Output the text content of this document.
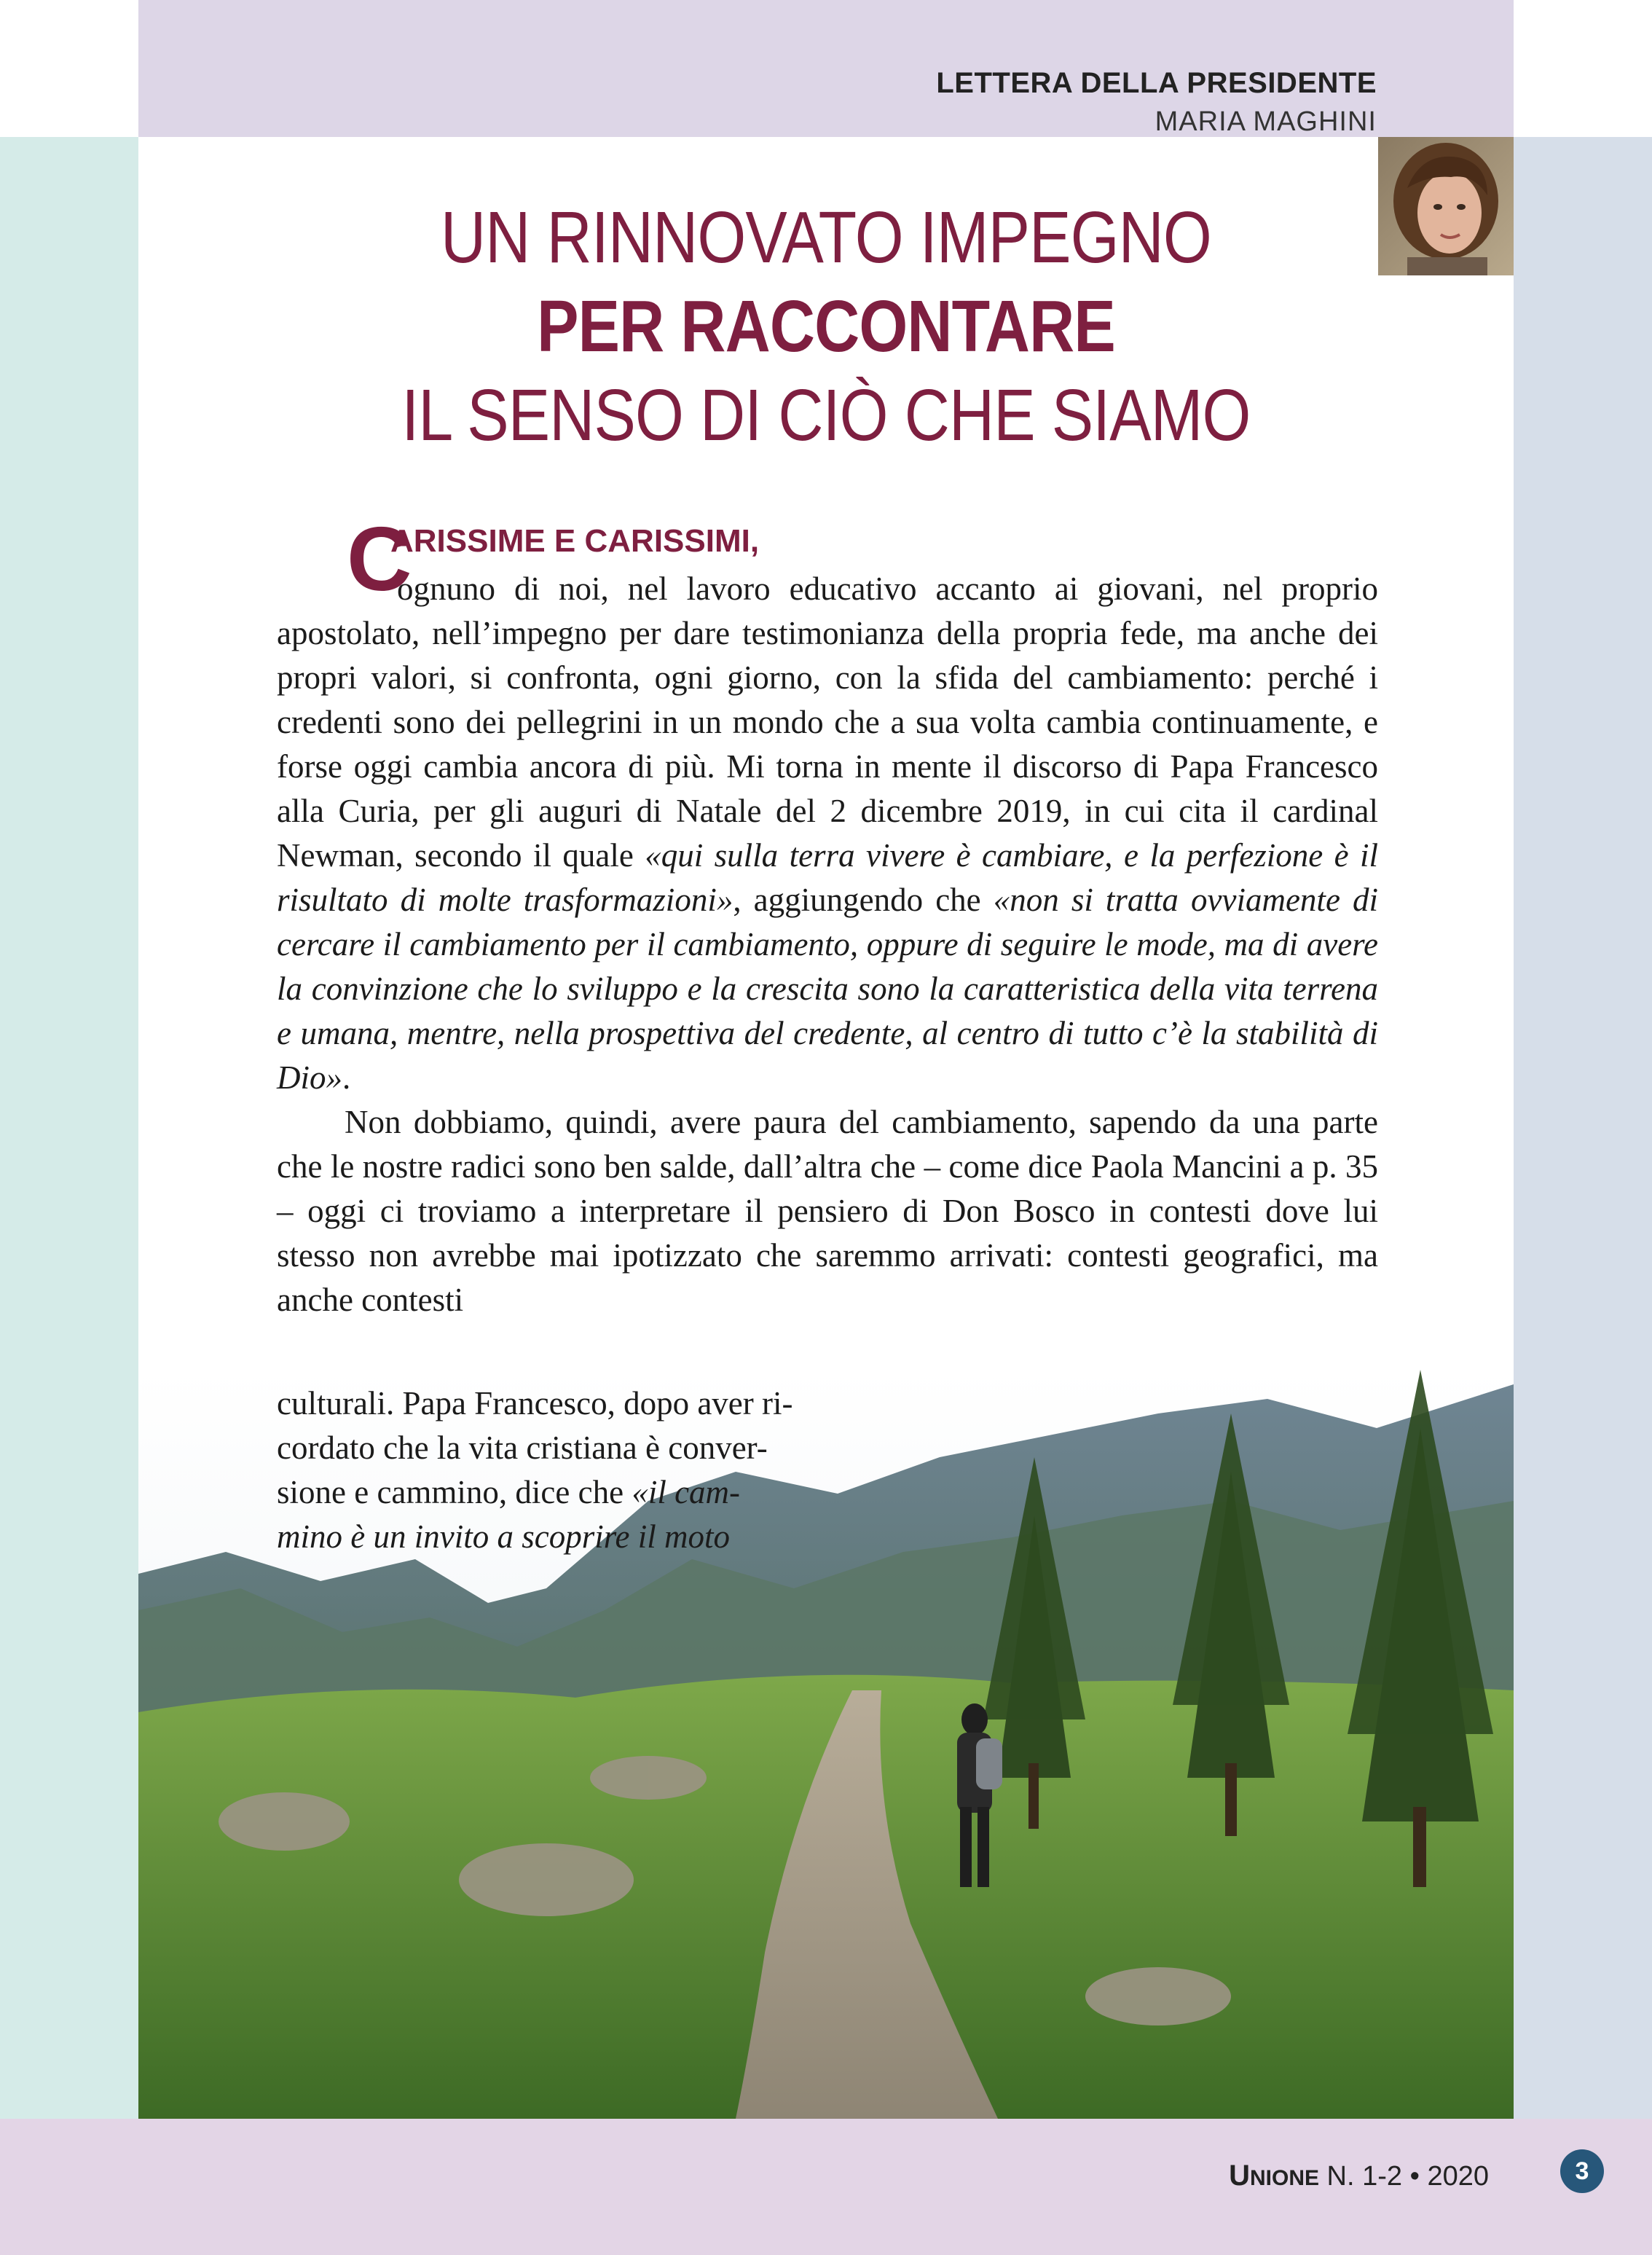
LETTERA DELLA PRESIDENTE
MARIA MAGHINI
UN RINNOVATO IMPEGNO
PER RACCONTARE
IL SENSO DI CIÒ CHE SIAMO
C
ARISSIME E CARISSIMI,

ognuno di noi, nel lavoro educativo accanto ai giovani, nel proprio apostolato, nell’impegno per dare testimonianza della propria fede, ma anche dei propri valori, si confronta, ogni giorno, con la sfida del cambiamento: perché i credenti sono dei pellegrini in un mondo che a sua volta cambia continuamente, e forse oggi cambia ancora di più. Mi torna in mente il discorso di Papa Francesco alla Curia, per gli auguri di Natale del 2 dicembre 2019, in cui cita il cardinal Newman, secondo il quale «qui sulla terra vivere è cambiare, e la perfezione è il risultato di molte trasformazioni», aggiungendo che «non si tratta ovviamente di cercare il cambiamento per il cambiamento, oppure di seguire le mode, ma di avere la convinzione che lo sviluppo e la crescita sono la caratteristica della vita terrena e umana, mentre, nella prospettiva del credente, al centro di tutto c’è la stabilità di Dio».

Non dobbiamo, quindi, avere paura del cambiamento, sapendo da una parte che le nostre radici sono ben salde, dall’altra che – come dice Paola Mancini a p. 35 – oggi ci troviamo a interpretare il pensiero di Don Bosco in contesti dove lui stesso non avrebbe mai ipotizzato che saremmo arrivati: contesti geografici, ma anche contesti

culturali. Papa Francesco, dopo aver ri-
cordato che la vita cristiana è conver-
sione e cammino, dice che «il cam-
mino è un invito a scoprire il moto
UNIONE N. 1-2 • 2020	3
